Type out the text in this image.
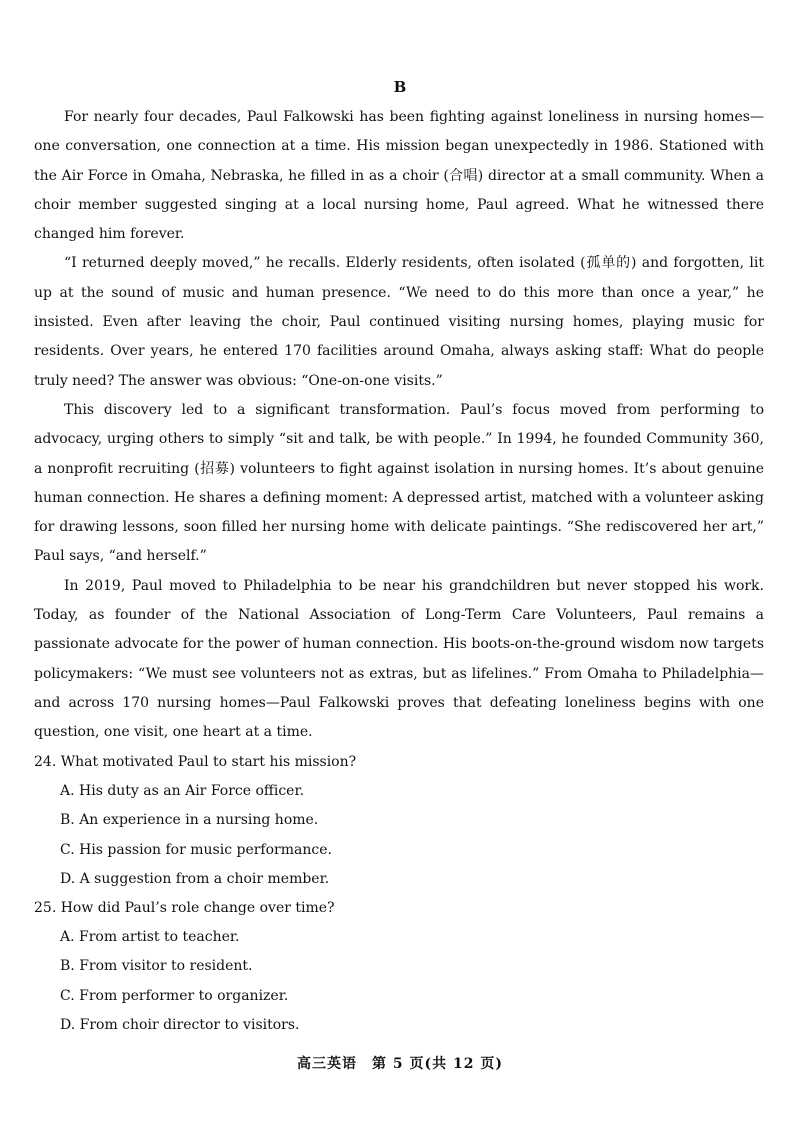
B

For nearly four decades, Paul Falkowski has been fighting against loneliness in nursing homes—one conversation, one connection at a time. His mission began unexpectedly in 1986. Stationed with the Air Force in Omaha, Nebraska, he filled in as a choir (合唱) director at a small community. When a choir member suggested singing at a local nursing home, Paul agreed. What he witnessed there changed him forever.

“I returned deeply moved,” he recalls. Elderly residents, often isolated (孤单的) and forgotten, lit up at the sound of music and human presence. “We need to do this more than once a year,” he insisted. Even after leaving the choir, Paul continued visiting nursing homes, playing music for residents. Over years, he entered 170 facilities around Omaha, always asking staff: What do people truly need? The answer was obvious: “One-on-one visits.”

This discovery led to a significant transformation. Paul’s focus moved from performing to advocacy, urging others to simply “sit and talk, be with people.” In 1994, he founded Community 360, a nonprofit recruiting (招募) volunteers to fight against isolation in nursing homes. It’s about genuine human connection. He shares a defining moment: A depressed artist, matched with a volunteer asking for drawing lessons, soon filled her nursing home with delicate paintings. “She rediscovered her art,” Paul says, “and herself.”

In 2019, Paul moved to Philadelphia to be near his grandchildren but never stopped his work. Today, as founder of the National Association of Long-Term Care Volunteers, Paul remains a passionate advocate for the power of human connection. His boots-on-the-ground wisdom now targets policymakers: “We must see volunteers not as extras, but as lifelines.” From Omaha to Philadelphia—and across 170 nursing homes—Paul Falkowski proves that defeating loneliness begins with one question, one visit, one heart at a time.

24. What motivated Paul to start his mission?

A. His duty as an Air Force officer.

B. An experience in a nursing home.

C. His passion for music performance.

D. A suggestion from a choir member.

25. How did Paul’s role change over time?

A. From artist to teacher.

B. From visitor to resident.

C. From performer to organizer.

D. From choir director to visitors.

高三英语　第 5 页(共 12 页)
